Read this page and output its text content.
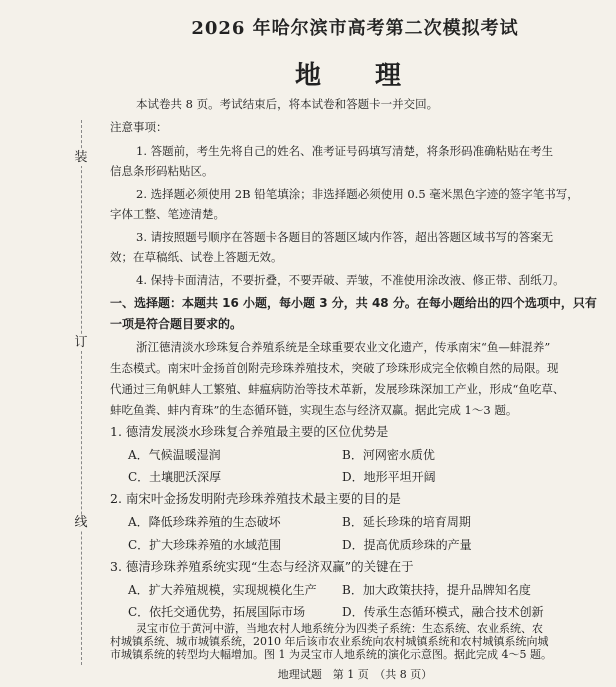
装
订
线
2026 年哈尔滨市高考第二次模拟考试
地　理
本试卷共 8 页。考试结束后，将本试卷和答题卡一并交回。
注意事项：
1. 答题前，考生先将自己的姓名、准考证号码填写清楚，将条形码准确粘贴在考生
信息条形码粘贴区。
2. 选择题必须使用 2B 铅笔填涂；非选择题必须使用 0.5 毫米黑色字迹的签字笔书写，
字体工整、笔迹清楚。
3. 请按照题号顺序在答题卡各题目的答题区域内作答，超出答题区域书写的答案无
效；在草稿纸、试卷上答题无效。
4. 保持卡面清洁，不要折叠，不要弄破、弄皱，不准使用涂改液、修正带、刮纸刀。
一、选择题：本题共 16 小题，每小题 3 分，共 48 分。在每小题给出的四个选项中，只有
一项是符合题目要求的。
浙江德清淡水珍珠复合养殖系统是全球重要农业文化遗产，传承南宋“鱼—蚌混养”
生态模式。南宋叶金扬首创附壳珍珠养殖技术，突破了珍珠形成完全依赖自然的局限。现
代通过三角帆蚌人工繁殖、蚌瘟病防治等技术革新，发展珍珠深加工产业，形成“鱼吃草、
蚌吃鱼粪、蚌内育珠”的生态循环链，实现生态与经济双赢。据此完成 1～3 题。
1. 德清发展淡水珍珠复合养殖最主要的区位优势是
A．气候温暖湿润	B．河网密水质优
C．土壤肥沃深厚	D．地形平坦开阔
2. 南宋叶金扬发明附壳珍珠养殖技术最主要的目的是
A．降低珍珠养殖的生态破坏	B．延长珍珠的培育周期
C．扩大珍珠养殖的水域范围	D．提高优质珍珠的产量
3. 德清珍珠养殖系统实现“生态与经济双赢”的关键在于
A．扩大养殖规模，实现规模化生产 B．加大政策扶持，提升品牌知名度
C．依托交通优势，拓展国际市场	D．传承生态循环模式，融合技术创新
灵宝市位于黄河中游，当地农村人地系统分为四类子系统：生态系统、农业系统、农
村城镇系统、城市城镇系统，2010 年后该市农业系统向农村城镇系统和农村城镇系统向城
地理试题　第 1 页　（共 8 页）
市城镇系统的转型均大幅增加。图 1 为灵宝市人地系统的演化示意图。据此完成 4～5 题。
